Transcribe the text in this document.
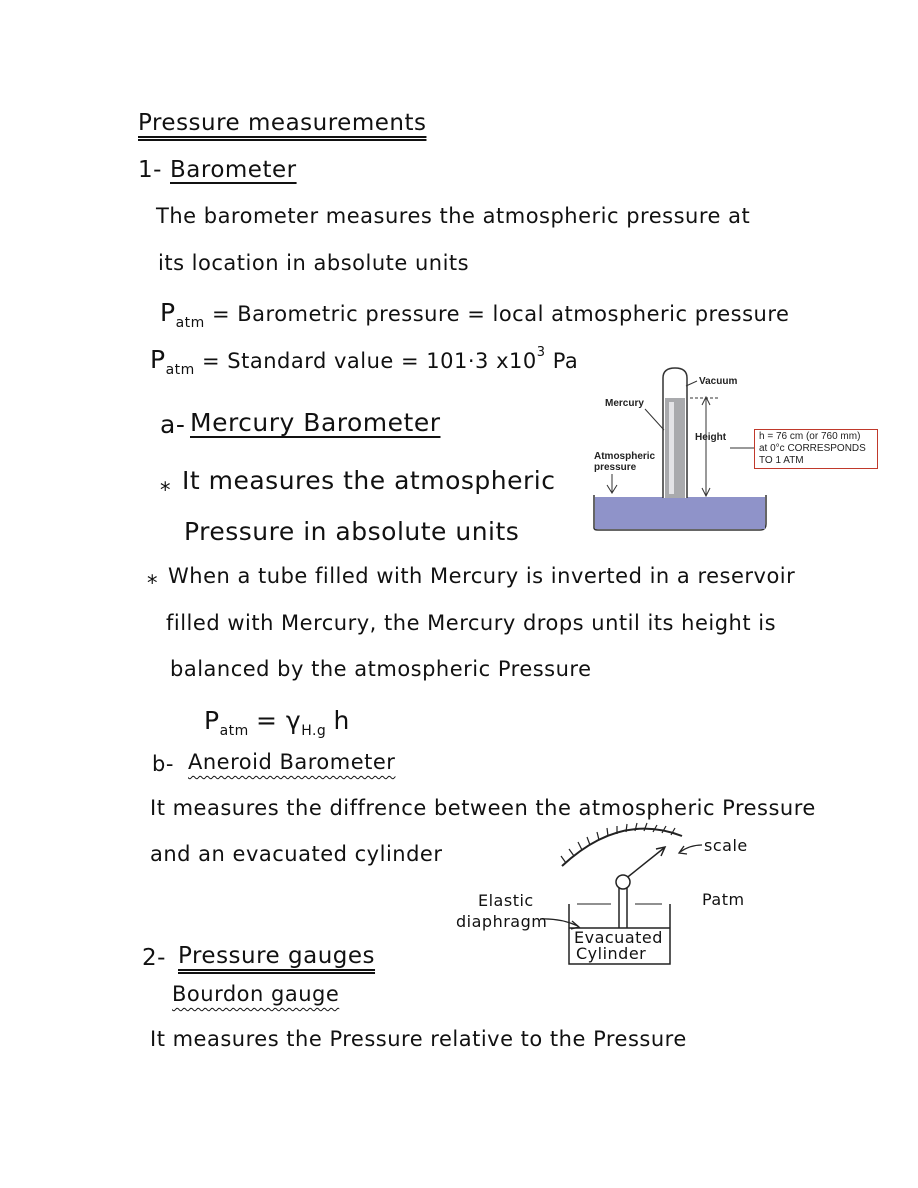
Pressure measurements
1- Barometer
The barometer measures the atmospheric pressure at
its location in absolute units
$P_{atm}$ = Barometric pressure = local atmospheric pressure
$P_{atm}$ = Standard value = 101·3 $x10^3$ Pa
a- Mercury Barometer
* It measures the atmospheric
Pressure in absolute units
* When a tube filled with Mercury is inverted in a reservoir
filled with Mercury, the Mercury drops until its height is
balanced by the atmospheric Pressure
$P_{atm} = \gamma_{H.g}$ h
Vacuum
Mercury
Height
Atmospheric
pressure
h = 76 cm (or 760 mm)
at 0°c CORRESPONDS
TO 1 ATM
b- Aneroid Barometer
It measures the diffrence between the atmospheric Pressure
and an evacuated cylinder	scale
Elastic
diaphragm
Patm
Evacuated
Cylinder
2- Pressure gauges
Bourdon gauge
It measures the Pressure relative to the Pressure
